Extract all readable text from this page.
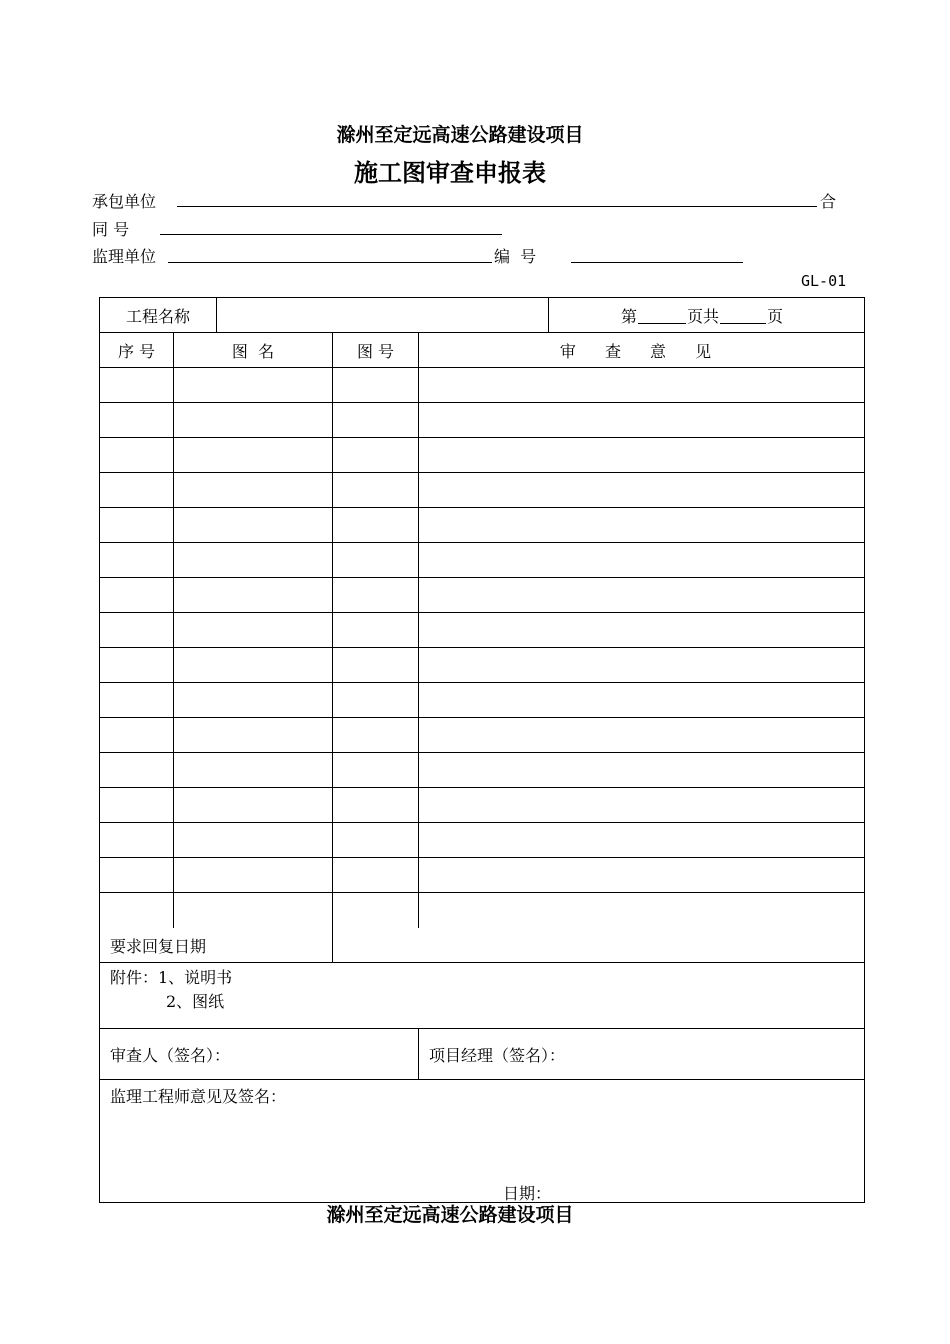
滁州至定远高速公路建设项目
施工图审查申报表
承包单位	合
同 号
监理单位	编  号
GL-01
工程名称	第	页共	页
序 号	图  名	图 号	审 查 意 见
要求回复日期
附件：1、说明书
2、图纸
审查人（签名）：	项目经理（签名）：
监理工程师意见及签名：
日期：
滁州至定远高速公路建设项目
